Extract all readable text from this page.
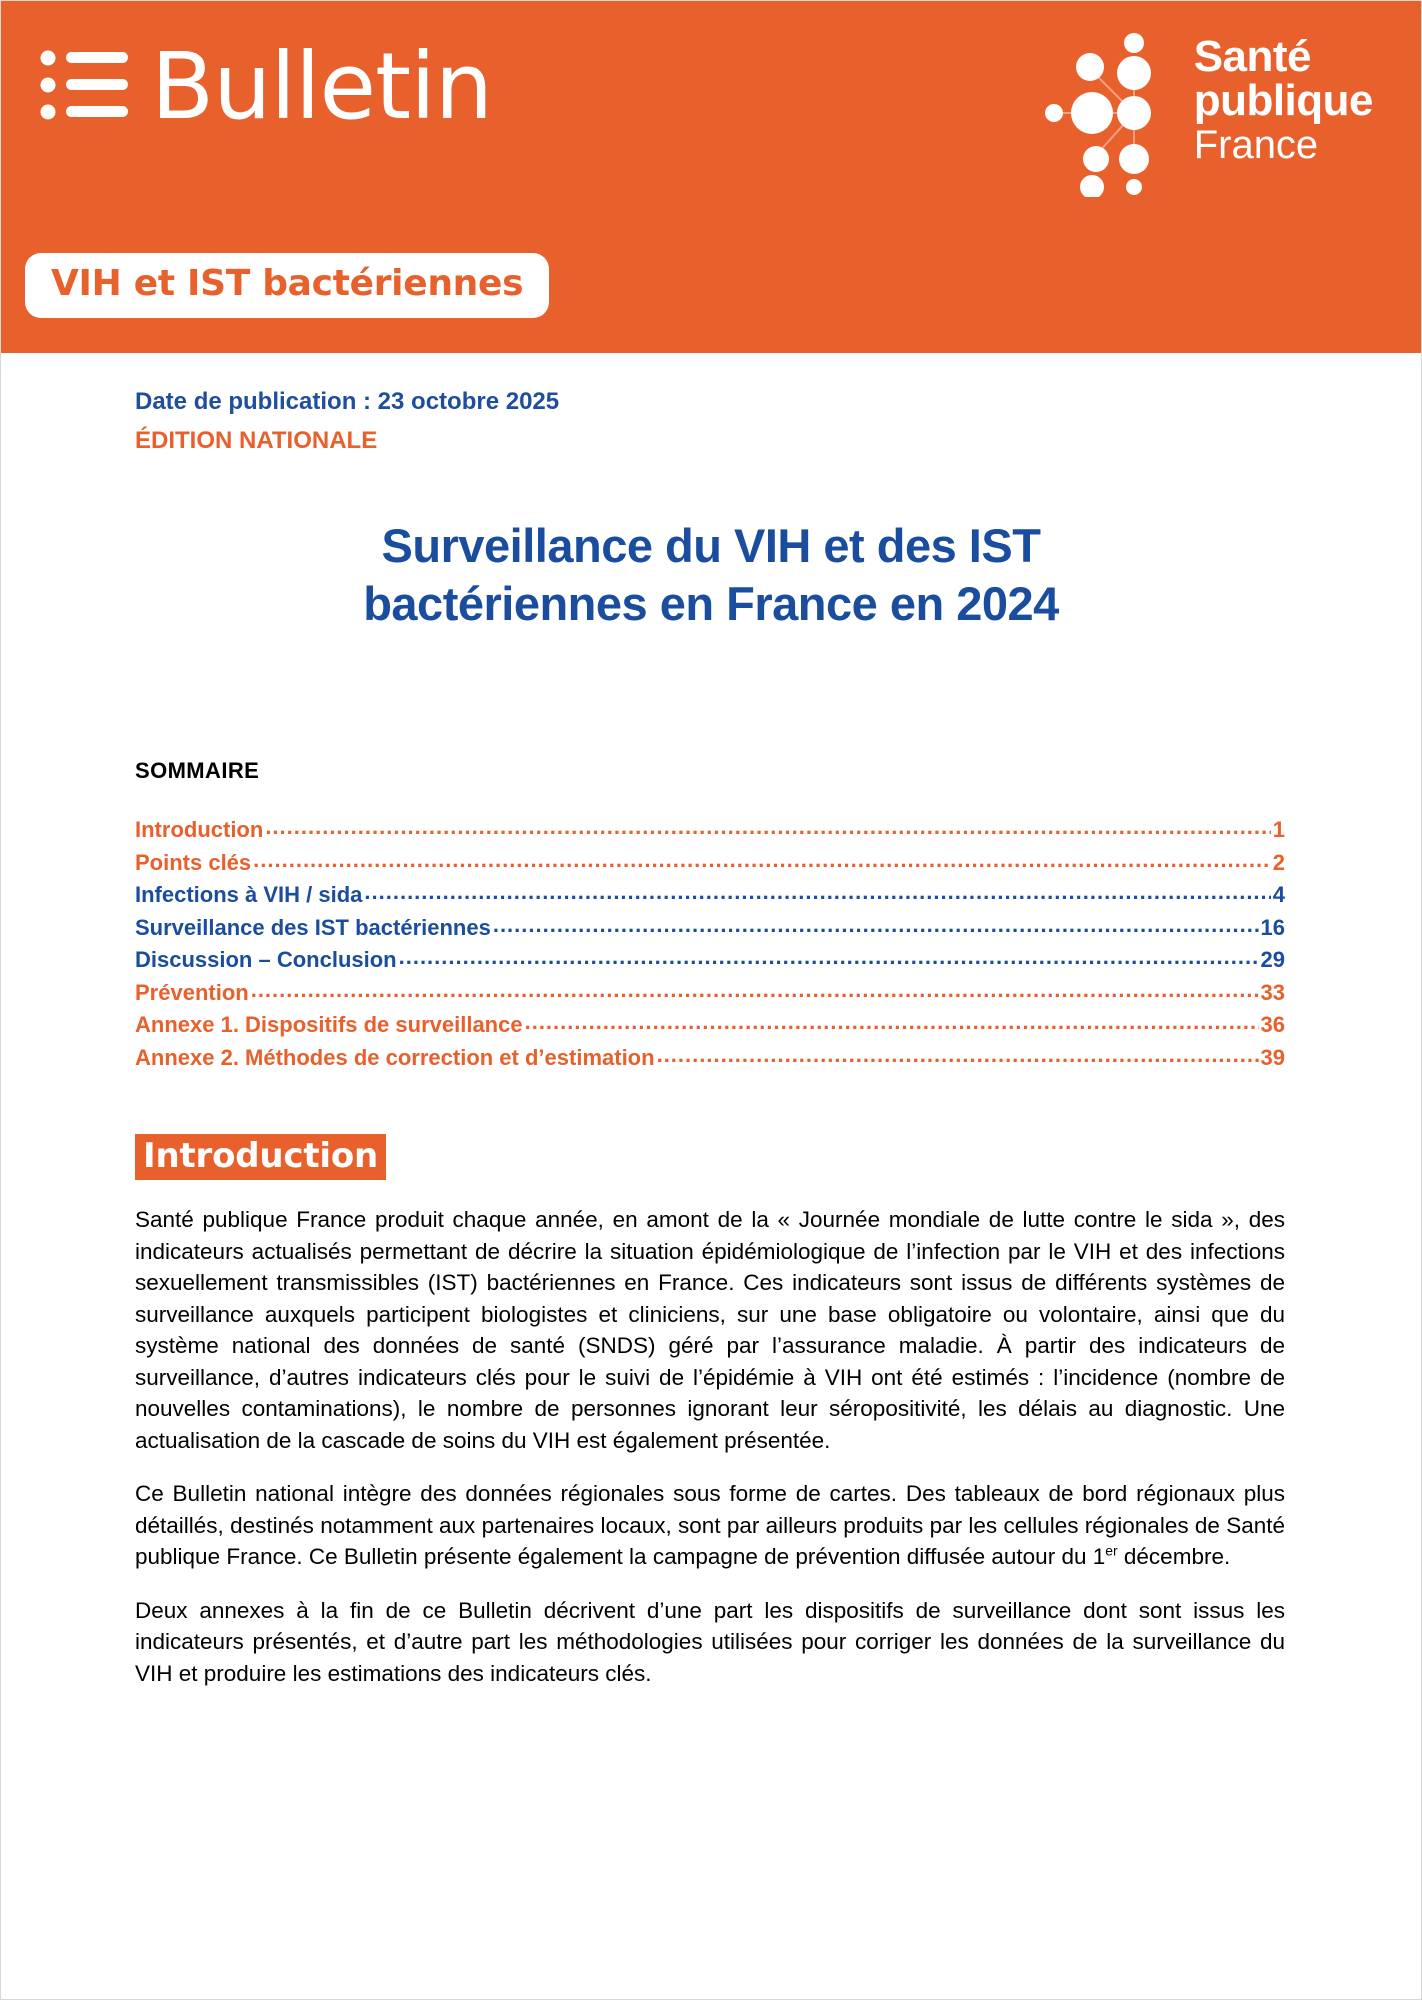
Bulletin	Santé
publique
France
VIH et IST bactériennes
Date de publication : 23 octobre 2025
ÉDITION NATIONALE
Surveillance du VIH et des IST bactériennes en France en 2024
SOMMAIRE
Introduction .....	1
Points clés .....	2
Infections à VIH / sida .....	4
Surveillance des IST bactériennes .....	16
Discussion – Conclusion .....	29
Prévention .....	33
Annexe 1. Dispositifs de surveillance .....	36
Annexe 2. Méthodes de correction et d’estimation .....	39
Introduction

Santé publique France produit chaque année, en amont de la « Journée mondiale de lutte contre le sida », des indicateurs actualisés permettant de décrire la situation épidémiologique de l’infection par le VIH et des infections sexuellement transmissibles (IST) bactériennes en France. Ces indicateurs sont issus de différents systèmes de surveillance auxquels participent biologistes et cliniciens, sur une base obligatoire ou volontaire, ainsi que du système national des données de santé (SNDS) géré par l’assurance maladie. À partir des indicateurs de surveillance, d’autres indicateurs clés pour le suivi de l’épidémie à VIH ont été estimés : l’incidence (nombre de nouvelles contaminations), le nombre de personnes ignorant leur séropositivité, les délais au diagnostic. Une actualisation de la cascade de soins du VIH est également présentée.

Ce Bulletin national intègre des données régionales sous forme de cartes. Des tableaux de bord régionaux plus détaillés, destinés notamment aux partenaires locaux, sont par ailleurs produits par les cellules régionales de Santé publique France. Ce Bulletin présente également la campagne de prévention diffusée autour du 1er décembre.

Deux annexes à la fin de ce Bulletin décrivent d’une part les dispositifs de surveillance dont sont issus les indicateurs présentés, et d’autre part les méthodologies utilisées pour corriger les données de la surveillance du VIH et produire les estimations des indicateurs clés.
